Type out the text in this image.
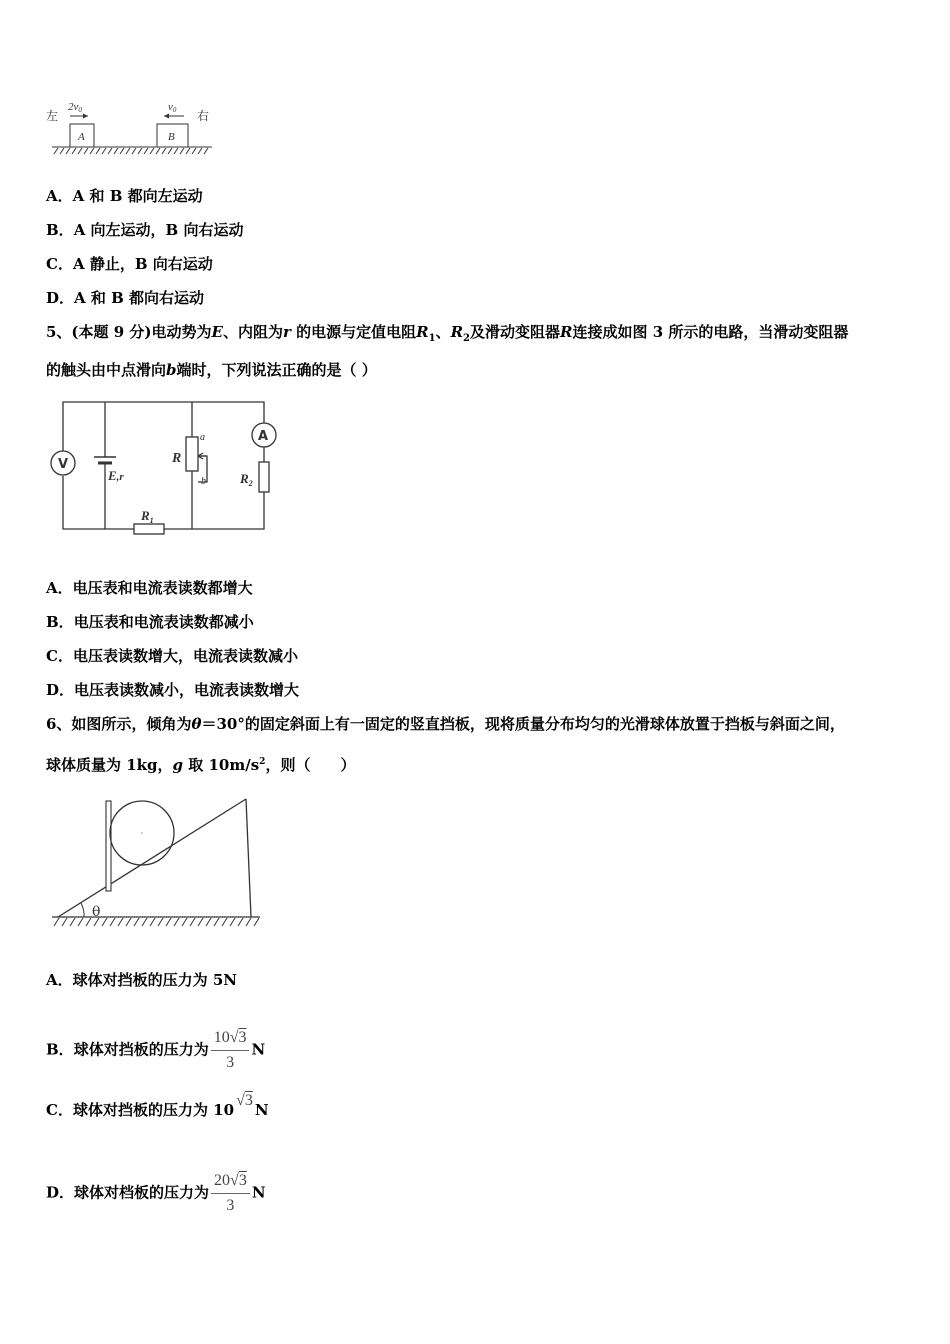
左	右
2v0	v0
A	B
A．A 和 B 都向左运动
B．A 向左运动，B 向右运动
C．A 静止，B 向右运动
D．A 和 B 都向右运动
5、(本题 9 分)电动势为E、内阻为r 的电源与定值电阻$R_1$、$R_2$及滑动变阻器R连接成如图 3 所示的电路，当滑动变阻器
的触头由中点滑向b端时，下列说法正确的是（ ）
V
E,r
R
a
b
A
$R_2$
$R_1$
A．电压表和电流表读数都增大
B．电压表和电流表读数都减小
C．电压表读数增大，电流表读数减小
D．电压表读数减小，电流表读数增大
6、如图所示，倾角为θ＝30°的固定斜面上有一固定的竖直挡板，现将质量分布均匀的光滑球体放置于挡板与斜面之间，
球体质量为 1kg，g 取 $10m/s^2$，则（　　）
θ
A．球体对挡板的压力为 5N
B．球体对挡板的压力为 $\frac{10√3}{3}$ N
C．球体对挡板的压力为 10√3N
D．球体对档板的压力为 $\frac{20√3}{3}$ N
